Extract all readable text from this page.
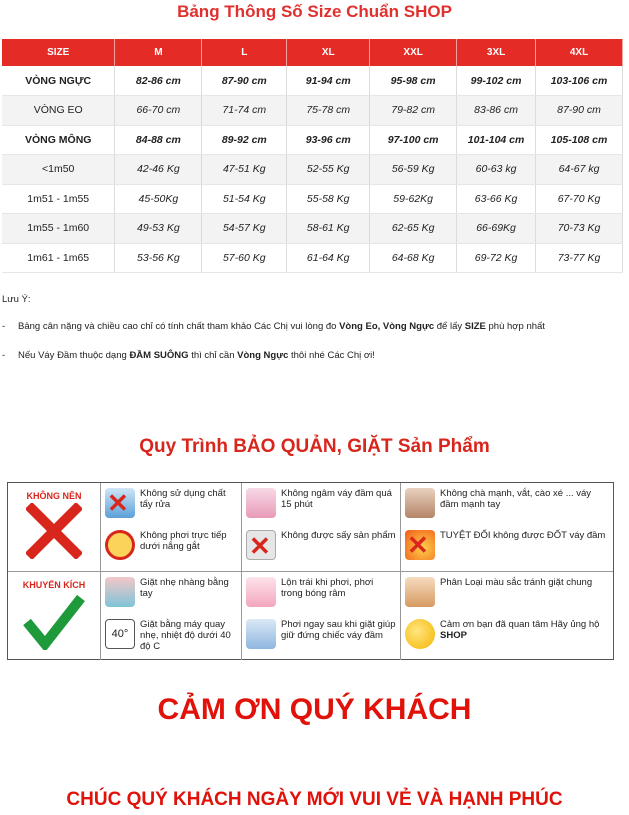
Bảng Thông Số Size Chuẩn SHOP
SIZE	M	L	XL	XXL	3XL	4XL
VÒNG NGỰC	82-86 cm	87-90 cm	91-94 cm	95-98 cm	99-102 cm	103-106 cm
VÒNG EO	66-70 cm	71-74 cm	75-78 cm	79-82 cm	83-86 cm	87-90 cm
VÒNG MÔNG	84-88 cm	89-92 cm	93-96 cm	97-100 cm	101-104 cm	105-108 cm
<1m50	42-46 Kg	47-51 Kg	52-55 Kg	56-59 Kg	60-63 kg	64-67 kg
1m51 - 1m55	45-50Kg	51-54 Kg	55-58 Kg	59-62Kg	63-66 Kg	67-70 Kg
1m55 - 1m60	49-53 Kg	54-57 Kg	58-61 Kg	62-65 Kg	66-69Kg	70-73 Kg
1m61 - 1m65	53-56 Kg	57-60 Kg	61-64 Kg	64-68 Kg	69-72 Kg	73-77 Kg
Lưu Ý:
-	Bảng cân nặng và chiều cao chỉ có tính chất tham khảo Các Chị vui lòng đo Vòng Eo, Vòng Ngực để lấy SIZE phù hợp nhất
-	Nếu Váy Đầm thuộc dạng ĐẦM SUÔNG thì chỉ cần Vòng Ngực thôi nhé Các Chị ơi!
Quy Trình BẢO QUẢN, GIẶT Sản Phẩm
KHÔNG NÊN ✕ Không sử dụng chất tẩy rửa
Không phơi trực tiếp dưới nắng gắt
Không ngâm váy đầm quá 15 phút
✕ Không được sấy sản phẩm
Không chà mạnh, vắt, cào xé ... váy đầm mạnh tay
✕ TUYỆT ĐỐI không được ĐỐT váy đầm
KHUYẾN KÍCH	Giặt nhẹ nhàng bằng tay
40°
Giặt bằng máy quay nhẹ, nhiệt độ dưới 40 độ C
Lộn trái khi phơi, phơi trong bóng râm
Phơi ngay sau khi giặt giúp giữ đứng chiếc váy đầm
Phân Loại màu sắc tránh giặt chung
Cảm ơn bạn đã quan tâm Hãy ủng hộ SHOP
CẢM ƠN QUÝ KHÁCH
CHÚC QUÝ KHÁCH NGÀY MỚI VUI VẺ VÀ HẠNH PHÚC
